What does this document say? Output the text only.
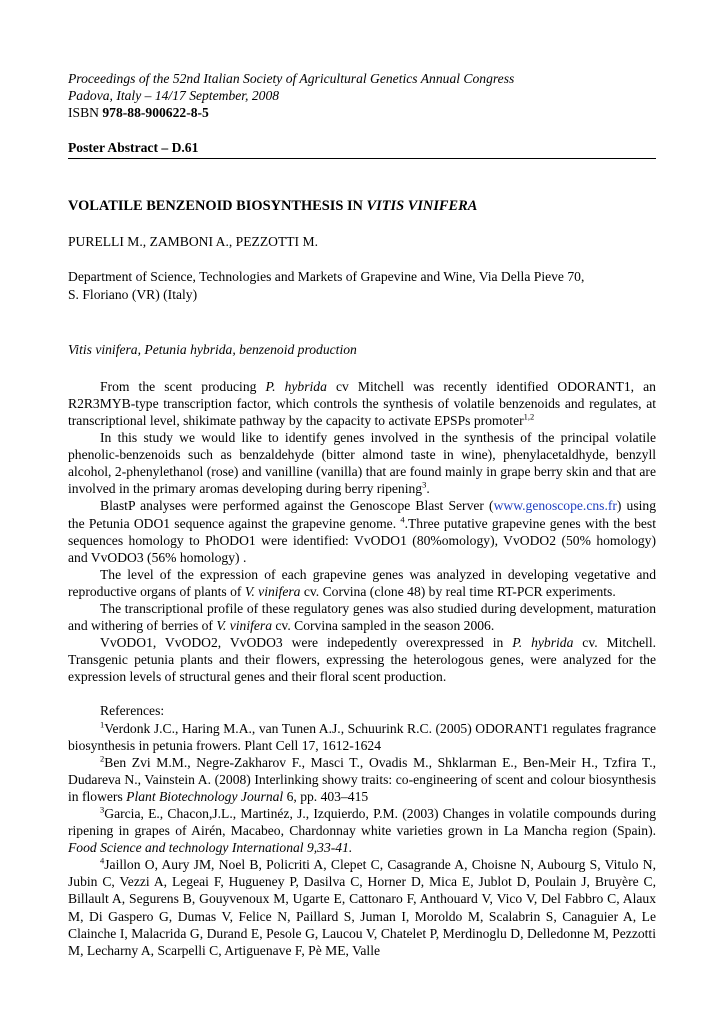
Proceedings of the 52nd Italian Society of Agricultural Genetics Annual Congress

Padova, Italy – 14/17 September, 2008

ISBN 978-88-900622-8-5

Poster Abstract – D.61
VOLATILE BENZENOID BIOSYNTHESIS IN VITIS VINIFERA
PURELLI M., ZAMBONI A., PEZZOTTI M.
Department of Science, Technologies and Markets of Grapevine and Wine, Via Della Pieve 70,
S. Floriano (VR) (Italy)
Vitis vinifera, Petunia hybrida, benzenoid production

From the scent producing P. hybrida cv Mitchell was recently identified ODORANT1, an R2R3MYB-type transcription factor, which controls the synthesis of volatile benzenoids and regulates, at transcriptional level, shikimate pathway by the capacity to activate EPSPs promoter$^{1,2}$

In this study we would like to identify genes involved in the synthesis of the principal volatile phenolic-benzenoids such as benzaldehyde (bitter almond taste in wine), phenylacetaldhyde, benzyll alcohol, 2-phenylethanol (rose) and vanilline (vanilla) that are found mainly in grape berry skin and that are involved in the primary aromas developing during berry ripening$^3$.

BlastP analyses were performed against the Genoscope Blast Server (www.genoscope.cns.fr) using the Petunia ODO1 sequence against the grapevine genome. $^4$.Three putative grapevine genes with the best sequences homology to PhODO1 were identified: VvODO1 (80%omology), VvODO2 (50% homology) and VvODO3 (56% homology) .

The level of the expression of each grapevine genes was analyzed in developing vegetative and reproductive organs of plants of V. vinifera cv. Corvina (clone 48) by real time RT-PCR experiments.

The transcriptional profile of these regulatory genes was also studied during development, maturation and withering of berries of V. vinifera cv. Corvina sampled in the season 2006.

VvODO1, VvODO2, VvODO3 were indepedently overexpressed in P. hybrida cv. Mitchell. Transgenic petunia plants and their flowers, expressing the heterologous genes, were analyzed for the expression levels of structural genes and their floral scent production.

References:

$^1$Verdonk J.C., Haring M.A., van Tunen A.J., Schuurink R.C. (2005) ODORANT1 regulates fragrance biosynthesis in petunia frowers. Plant Cell 17, 1612-1624

$^2$Ben Zvi M.M., Negre-Zakharov F., Masci T., Ovadis M., Shklarman E., Ben-Meir H., Tzfira T., Dudareva N., Vainstein A. (2008) Interlinking showy traits: co-engineering of scent and colour biosynthesis in flowers Plant Biotechnology Journal 6, pp. 403–415

$^3$Garcia, E., Chacon,J.L., Martinéz, J., Izquierdo, P.M. (2003) Changes in volatile compounds during ripening in grapes of Airén, Macabeo, Chardonnay white varieties grown in La Mancha region (Spain). Food Science and technology International 9,33-41.

$^4$Jaillon O, Aury JM, Noel B, Policriti A, Clepet C, Casagrande A, Choisne N, Aubourg S, Vitulo N, Jubin C, Vezzi A, Legeai F, Hugueney P, Dasilva C, Horner D, Mica E, Jublot D, Poulain J, Bruyère C, Billault A, Segurens B, Gouyvenoux M, Ugarte E, Cattonaro F, Anthouard V, Vico V, Del Fabbro C, Alaux M, Di Gaspero G, Dumas V, Felice N, Paillard S, Juman I, Moroldo M, Scalabrin S, Canaguier A, Le Clainche I, Malacrida G, Durand E, Pesole G, Laucou V, Chatelet P, Merdinoglu D, Delledonne M, Pezzotti M, Lecharny A, Scarpelli C, Artiguenave F, Pè ME, Valle
